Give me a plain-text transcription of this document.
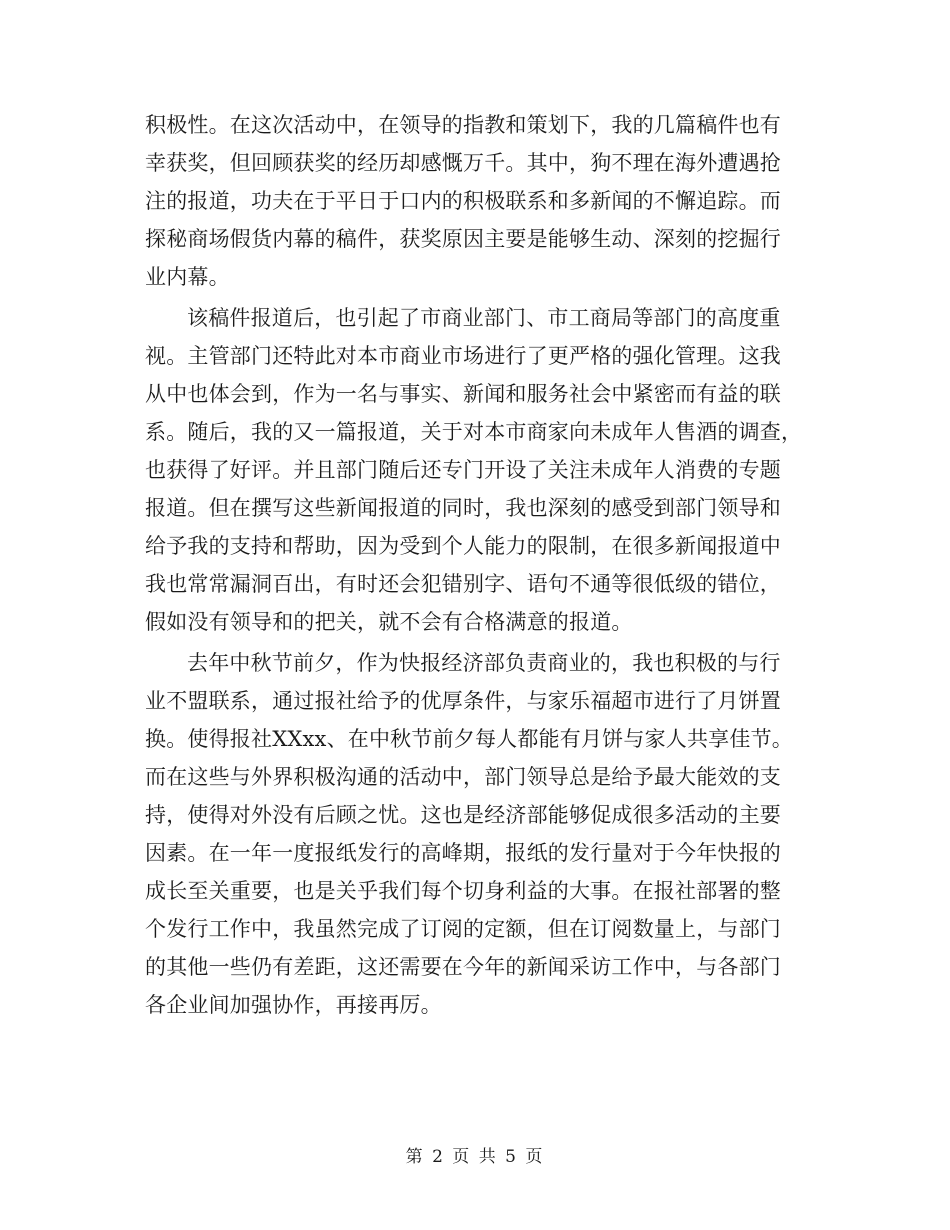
积极性。在这次活动中，在领导的指教和策划下，我的几篇稿件也有
幸获奖，但回顾获奖的经历却感慨万千。其中，狗不理在海外遭遇抢
注的报道，功夫在于平日于口内的积极联系和多新闻的不懈追踪。而
探秘商场假货内幕的稿件，获奖原因主要是能够生动、深刻的挖掘行
业内幕。
该稿件报道后，也引起了市商业部门、市工商局等部门的高度重
视。主管部门还特此对本市商业市场进行了更严格的强化管理。这我
从中也体会到，作为一名与事实、新闻和服务社会中紧密而有益的联
系。随后，我的又一篇报道，关于对本市商家向未成年人售酒的调查，
也获得了好评。并且部门随后还专门开设了关注未成年人消费的专题
报道。但在撰写这些新闻报道的同时，我也深刻的感受到部门领导和
给予我的支持和帮助，因为受到个人能力的限制，在很多新闻报道中
我也常常漏洞百出，有时还会犯错别字、语句不通等很低级的错位，
假如没有领导和的把关，就不会有合格满意的报道。
去年中秋节前夕，作为快报经济部负责商业的，我也积极的与行
业不盟联系，通过报社给予的优厚条件，与家乐福超市进行了月饼置
换。使得报社XXxx、在中秋节前夕每人都能有月饼与家人共享佳节。
而在这些与外界积极沟通的活动中，部门领导总是给予最大能效的支
持，使得对外没有后顾之忧。这也是经济部能够促成很多活动的主要
因素。在一年一度报纸发行的高峰期，报纸的发行量对于今年快报的
成长至关重要，也是关乎我们每个切身利益的大事。在报社部署的整
个发行工作中，我虽然完成了订阅的定额，但在订阅数量上，与部门
的其他一些仍有差距，这还需要在今年的新闻采访工作中，与各部门
各企业间加强协作，再接再厉。
第 2 页 共 5 页
